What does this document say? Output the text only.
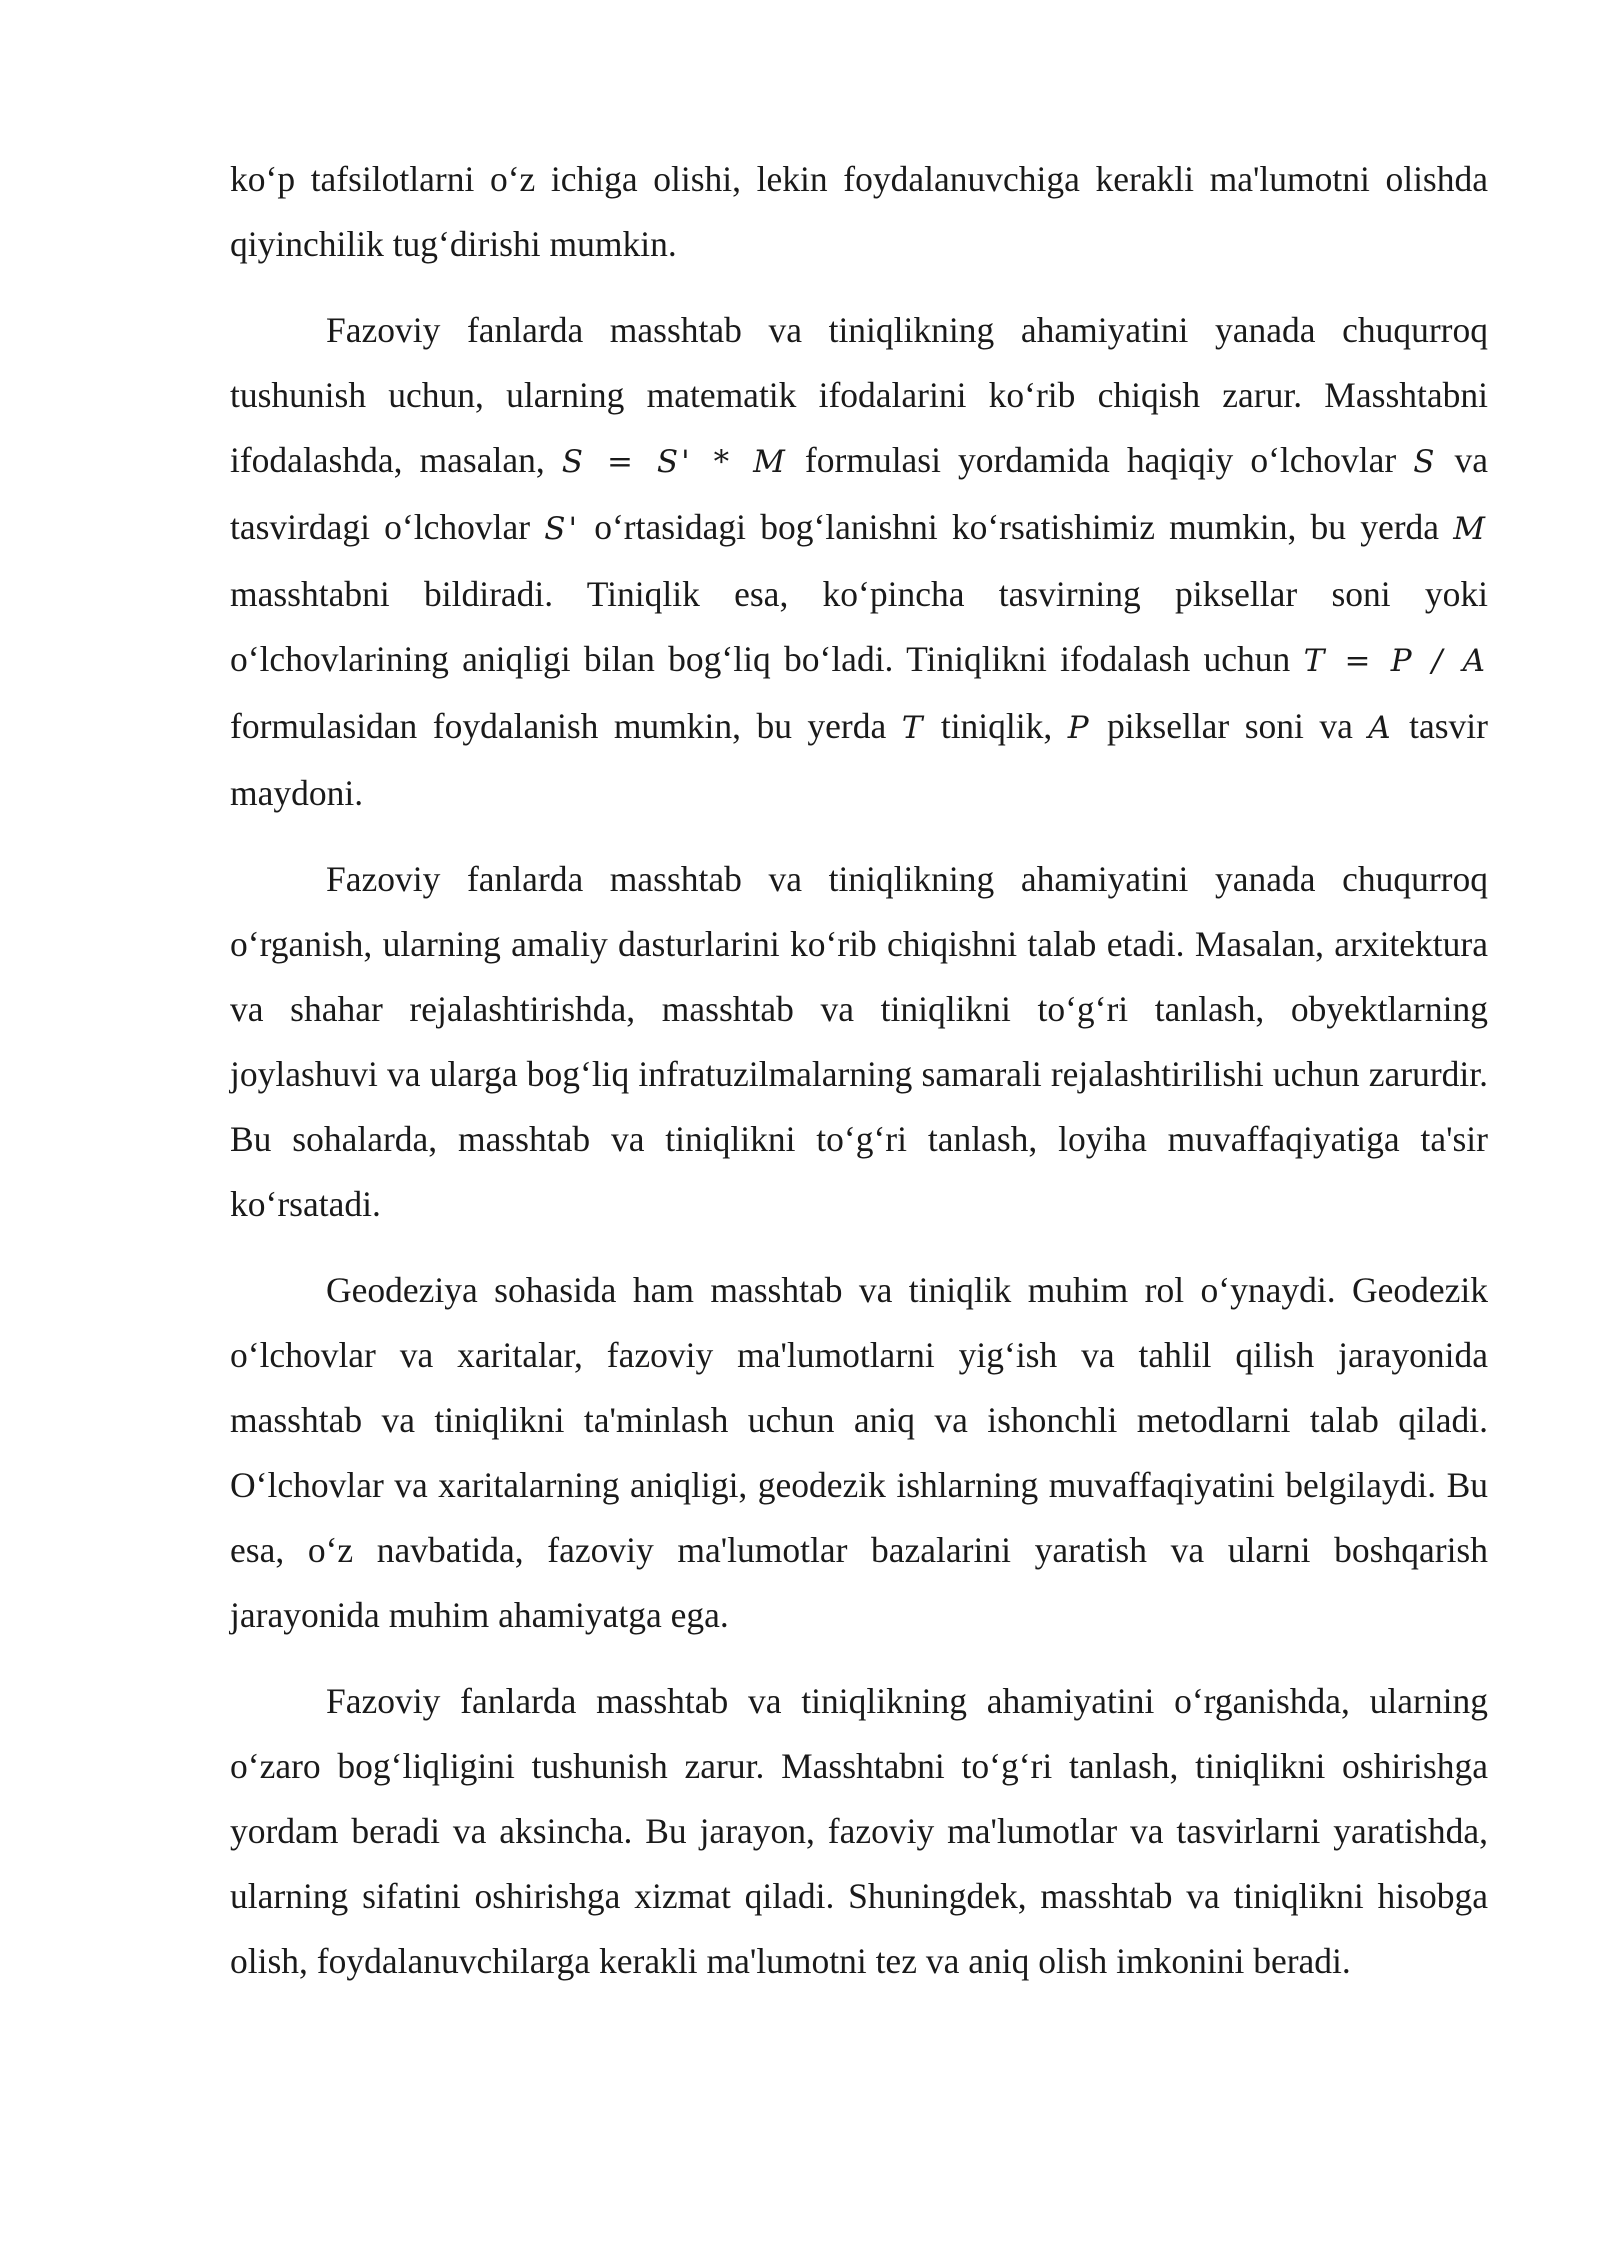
ko‘p tafsilotlarni o‘z ichiga olishi, lekin foydalanuvchiga kerakli ma'lumotni olishda qiyinchilik tug‘dirishi mumkin.

Fazoviy fanlarda masshtab va tiniqlikning ahamiyatini yanada chuqurroq tushunish uchun, ularning matematik ifodalarini ko‘rib chiqish zarur. Masshtabni ifodalashda, masalan, S = S' * M formulasi yordamida haqiqiy o‘lchovlar S va tasvirdagi o‘lchovlar S' o‘rtasidagi bog‘lanishni ko‘rsatishimiz mumkin, bu yerda M masshtabni bildiradi. Tiniqlik esa, ko‘pincha tasvirning piksellar soni yoki o‘lchovlarining aniqligi bilan bog‘liq bo‘ladi. Tiniqlikni ifodalash uchun T = P / A formulasidan foydalanish mumkin, bu yerda T tiniqlik, P piksellar soni va A tasvir maydoni.

Fazoviy fanlarda masshtab va tiniqlikning ahamiyatini yanada chuqurroq o‘rganish, ularning amaliy dasturlarini ko‘rib chiqishni talab etadi. Masalan, arxitektura va shahar rejalashtirishda, masshtab va tiniqlikni to‘g‘ri tanlash, obyektlarning joylashuvi va ularga bog‘liq infratuzilmalarning samarali rejalashtirilishi uchun zarurdir. Bu sohalarda, masshtab va tiniqlikni to‘g‘ri tanlash, loyiha muvaffaqiyatiga ta'sir ko‘rsatadi.

Geodeziya sohasida ham masshtab va tiniqlik muhim rol o‘ynaydi. Geodezik o‘lchovlar va xaritalar, fazoviy ma'lumotlarni yig‘ish va tahlil qilish jarayonida masshtab va tiniqlikni ta'minlash uchun aniq va ishonchli metodlarni talab qiladi. O‘lchovlar va xaritalarning aniqligi, geodezik ishlarning muvaffaqiyatini belgilaydi. Bu esa, o‘z navbatida, fazoviy ma'lumotlar bazalarini yaratish va ularni boshqarish jarayonida muhim ahamiyatga ega.

Fazoviy fanlarda masshtab va tiniqlikning ahamiyatini o‘rganishda, ularning o‘zaro bog‘liqligini tushunish zarur. Masshtabni to‘g‘ri tanlash, tiniqlikni oshirishga yordam beradi va aksincha. Bu jarayon, fazoviy ma'lumotlar va tasvirlarni yaratishda, ularning sifatini oshirishga xizmat qiladi. Shuningdek, masshtab va tiniqlikni hisobga olish, foydalanuvchilarga kerakli ma'lumotni tez va aniq olish imkonini beradi.
